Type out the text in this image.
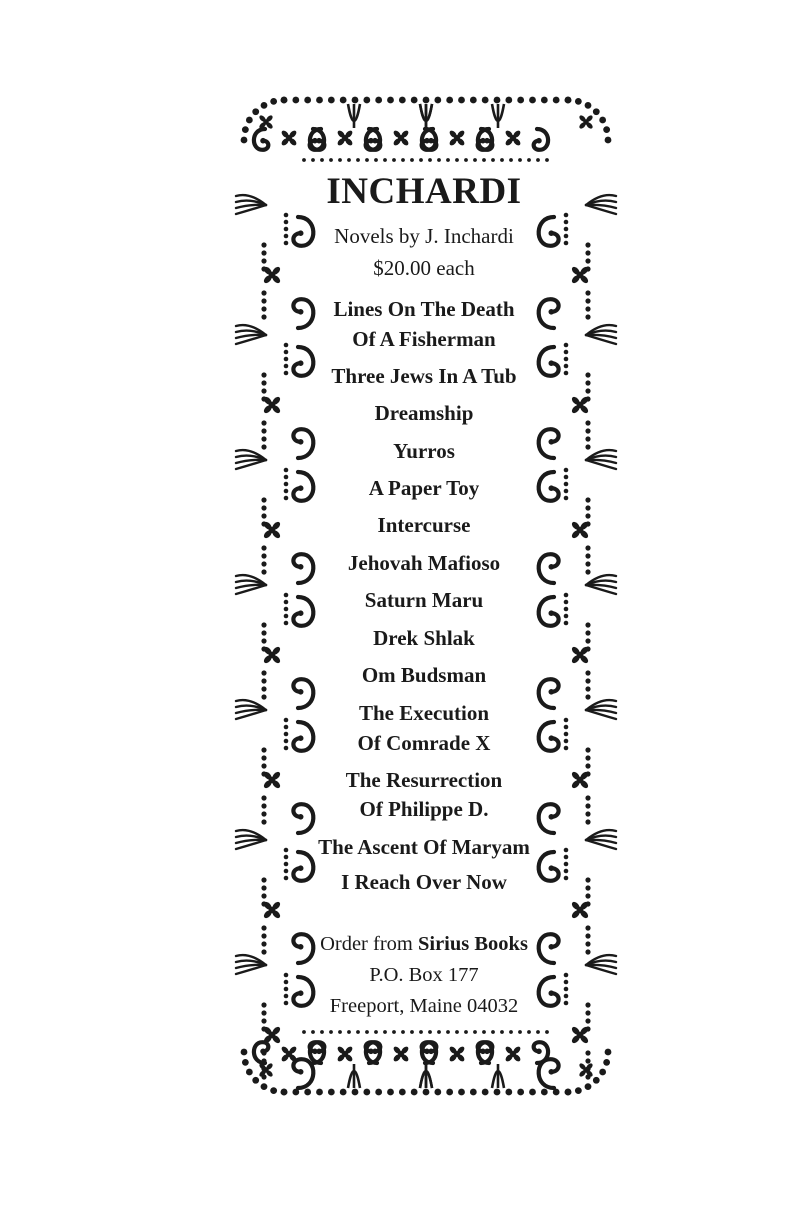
INCHARDI
Novels by J. Inchardi
$20.00 each
Lines On The Death
Of A Fisherman
Three Jews In A Tub
Dreamship
Yurros
A Paper Toy
Intercurse
Jehovah Mafioso
Saturn Maru
Drek Shlak
Om Budsman
The Execution
Of Comrade X
The Resurrection
Of Philippe D.
The Ascent Of Maryam
I Reach Over Now
Order from Sirius Books
P.O. Box 177
Freeport, Maine 04032
